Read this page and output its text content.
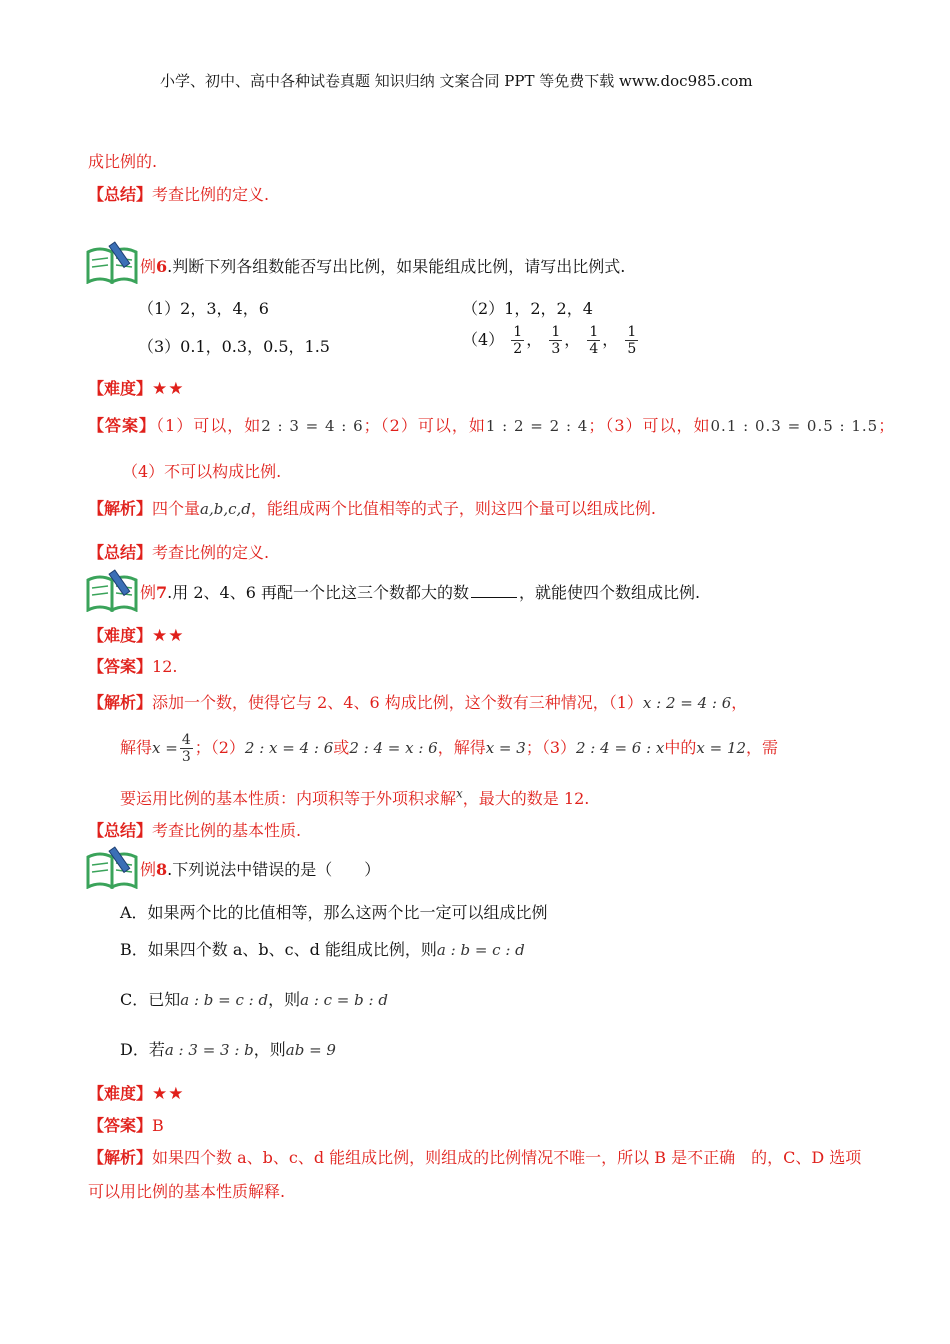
小学、初中、高中各种试卷真题 知识归纳 文案合同 PPT 等免费下载 www.doc985.com
成比例的.
【总结】考查比例的定义.
例6.判断下列各组数能否写出比例，如果能组成比例，请写出比例式.
（1）2，3，4，6	（2）1，2，2，4
（3）0.1，0.3，0.5，1.5	$(4) \frac{1}{2}$ ， $\frac{1}{3}$ ， $\frac{1}{4}$ ， $\frac{1}{5}$
【难度】★★
【答案】（1）可以，如2 : 3 = 4 : 6；（2）可以，如1 : 2 = 2 : 4；（3）可以，如0.1 : 0.3 = 0.5 : 1.5；
（4）不可以构成比例.
【解析】四个量a,b,c,d，能组成两个比值相等的式子，则这四个量可以组成比例.
【总结】考查比例的定义.
例7.用 2、4、6 再配一个比这三个数都大的数	，就能使四个数组成比例.
【难度】★★
【答案】12.
【解析】添加一个数，使得它与 2、4、6 构成比例，这个数有三种情况，（1）x : 2 = 4 : 6，
解得$x = \frac{4}{3}$ ；（2）2 : x = 4 : 6或2 : 4 = x : 6，解得x = 3；（3）2 : 4 = 6 : x中的x = 12，需
要运用比例的基本性质：内项积等于外项积求解$^x$，最大的数是 12.
【总结】考查比例的基本性质.
例8.下列说法中错误的是（　　）
A．如果两个比的比值相等，那么这两个比一定可以组成比例
B．如果四个数 a、b、c、d 能组成比例，则a : b = c : d
C．已知a : b = c : d，则a : c = b : d
D．若a : 3 = 3 : b，则ab = 9
【难度】★★
【答案】B
【解析】如果四个数 a、b、c、d 能组成比例，则组成的比例情况不唯一，所以 B 是不正确　的，C、D 选项
可以用比例的基本性质解释.
